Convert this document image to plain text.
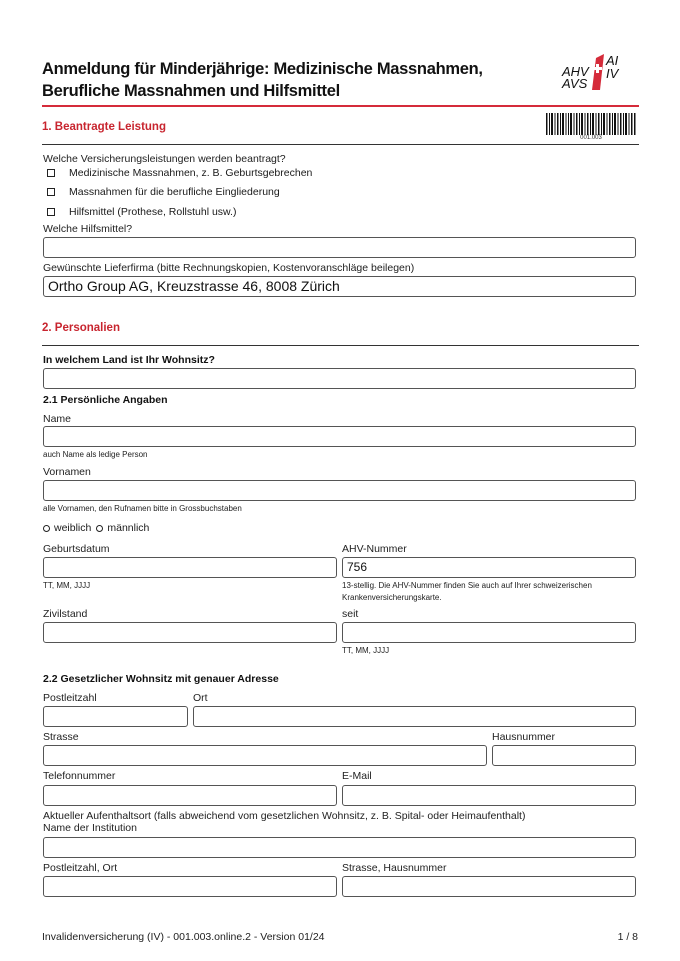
Anmeldung für Minderjährige: Medizinische Massnahmen,
Berufliche Massnahmen und Hilfsmittel
AHV
AVS
AI
IV
1. Beantragte Leistung
001.003
Welche Versicherungsleistungen werden beantragt?
Medizinische Massnahmen, z. B. Geburtsgebrechen
Massnahmen für die berufliche Eingliederung
Hilfsmittel (Prothese, Rollstuhl usw.)
Welche Hilfsmittel?
Gewünschte Lieferfirma (bitte Rechnungskopien, Kostenvoranschläge beilegen)
Ortho Group AG, Kreuzstrasse 46, 8008 Zürich
2. Personalien
In welchem Land ist Ihr Wohnsitz?
2.1 Persönliche Angaben
Name
auch Name als ledige Person
Vornamen
alle Vornamen, den Rufnamen bitte in Grossbuchstaben
weiblich männlich
Geburtsdatum
TT, MM, JJJJ
AHV-Nummer
756
13-stellig. Die AHV-Nummer finden Sie auch auf Ihrer schweizerischen
Krankenversicherungskarte.
Zivilstand	seit
TT, MM, JJJJ
2.2 Gesetzlicher Wohnsitz mit genauer Adresse
Postleitzahl	Ort
Strasse	Hausnummer
Telefonnummer	E-Mail
Aktueller Aufenthaltsort (falls abweichend vom gesetzlichen Wohnsitz, z. B. Spital- oder Heimaufenthalt)
Name der Institution
Postleitzahl, Ort	Strasse, Hausnummer
Invalidenversicherung (IV) - 001.003.online.2 - Version 01/24	1 / 8
